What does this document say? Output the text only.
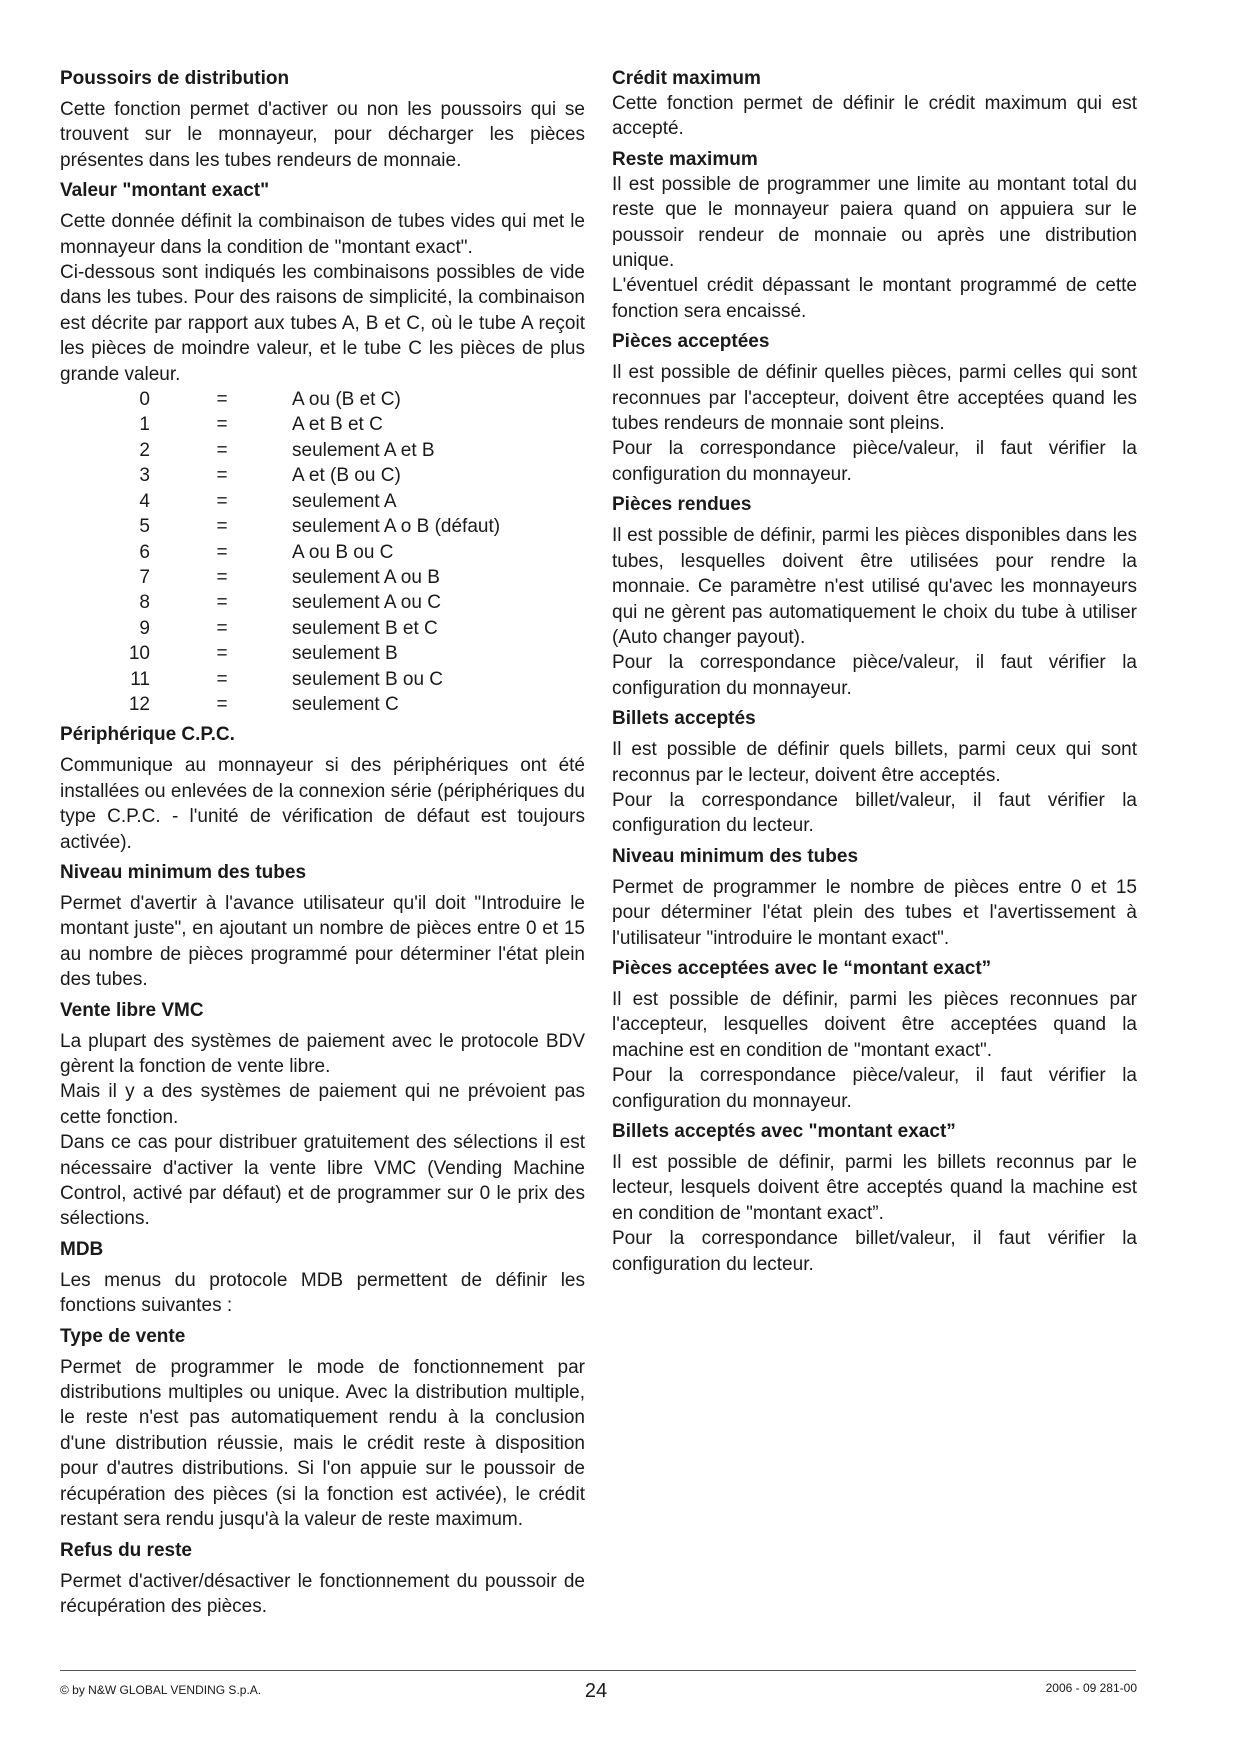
Poussoirs de distribution

Cette fonction permet d'activer ou non les poussoirs qui se trouvent sur le monnayeur, pour décharger les pièces présentes dans les tubes rendeurs de monnaie.

Valeur "montant exact"

Cette donnée définit la combinaison de tubes vides qui met le monnayeur dans la condition de "montant exact".

Ci-dessous sont indiqués les combinaisons possibles de vide dans les tubes. Pour des raisons de simplicité, la combinaison est décrite par rapport aux tubes A, B et C, où le tube A reçoit les pièces de moindre valeur, et le tube C les pièces de plus grande valeur.

0	=	A ou (B et C)
1	=	A et B et C
2	=	seulement A et B
3	=	A et (B ou C)
4	=	seulement A
5	=	seulement A o B (défaut)
6	=	A ou B ou C
7	=	seulement A ou B
8	=	seulement A ou C
9	=	seulement B et C
10	=	seulement B
11	=	seulement B ou C
12	=	seulement C
Périphérique C.P.C.

Communique au monnayeur si des périphériques ont été installées ou enlevées de la connexion série (périphériques du type C.P.C. - l'unité de vérification de défaut est toujours activée).

Niveau minimum des tubes

Permet d'avertir à l'avance utilisateur qu'il doit "Introduire le montant juste", en ajoutant un nombre de pièces entre 0 et 15 au nombre de pièces programmé pour déterminer l'état plein des tubes.

Vente libre VMC

La plupart des systèmes de paiement avec le protocole BDV gèrent la fonction de vente libre.

Mais il y a des systèmes de paiement qui ne prévoient pas cette fonction.

Dans ce cas pour distribuer gratuitement des sélections il est nécessaire d'activer la vente libre VMC (Vending Machine Control, activé par défaut) et de programmer sur 0 le prix des sélections.

MDB

Les menus du protocole MDB permettent de définir les fonctions suivantes :

Type de vente

Permet de programmer le mode de fonctionnement par distributions multiples ou unique. Avec la distribution multiple, le reste n'est pas automatiquement rendu à la conclusion d'une distribution réussie, mais le crédit reste à disposition pour d'autres distributions. Si l'on appuie sur le poussoir de récupération des pièces (si la fonction est activée), le crédit restant sera rendu jusqu'à la valeur de reste maximum.

Refus du reste

Permet d'activer/désactiver le fonctionnement du poussoir de récupération des pièces.

Crédit maximum

Cette fonction permet de définir le crédit maximum qui est accepté.

Reste maximum

Il est possible de programmer une limite au montant total du reste que le monnayeur paiera quand on appuiera sur le poussoir rendeur de monnaie ou après une distribution unique.

L'éventuel crédit dépassant le montant programmé de cette fonction sera encaissé.

Pièces acceptées

Il est possible de définir quelles pièces, parmi celles qui sont reconnues par l'accepteur, doivent être acceptées quand les tubes rendeurs de monnaie sont pleins.

Pour la correspondance pièce/valeur, il faut vérifier la configuration du monnayeur.

Pièces rendues

Il est possible de définir, parmi les pièces disponibles dans les tubes, lesquelles doivent être utilisées pour rendre la monnaie. Ce paramètre n'est utilisé qu'avec les monnayeurs qui ne gèrent pas automatiquement le choix du tube à utiliser (Auto changer payout).

Pour la correspondance pièce/valeur, il faut vérifier la configuration du monnayeur.

Billets acceptés

Il est possible de définir quels billets, parmi ceux qui sont reconnus par le lecteur, doivent être acceptés.

Pour la correspondance billet/valeur, il faut vérifier la configuration du lecteur.

Niveau minimum des tubes

Permet de programmer le nombre de pièces entre 0 et 15 pour déterminer l'état plein des tubes et l'avertissement à l'utilisateur "introduire le montant exact".

Pièces acceptées avec le “montant exact”

Il est possible de définir, parmi les pièces reconnues par l'accepteur, lesquelles doivent être acceptées quand la machine est en condition de "montant exact".

Pour la correspondance pièce/valeur, il faut vérifier la configuration du monnayeur.

Billets acceptés avec "montant exact”

Il est possible de définir, parmi les billets reconnus par le lecteur, lesquels doivent être acceptés quand la machine est en condition de "montant exact”.

Pour la correspondance billet/valeur, il faut vérifier la configuration du lecteur.

© by N&W GLOBAL VENDING S.p.A.	24	2006 - 09 281-00
